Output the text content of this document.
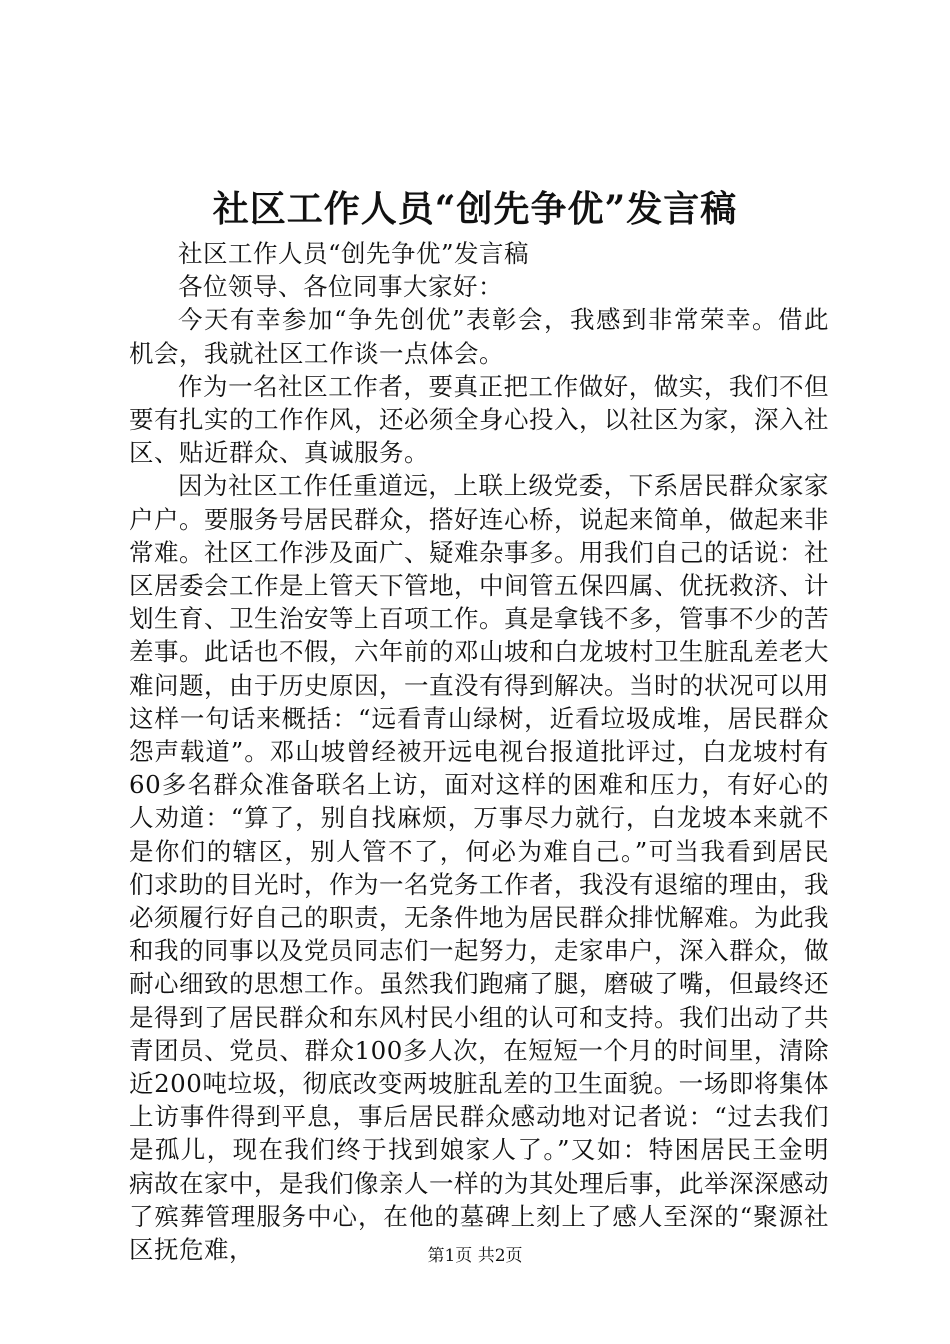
社区工作人员“创先争优”发言稿

社区工作人员“创先争优”发言稿

各位领导、各位同事大家好：

今天有幸参加“争先创优”表彰会，我感到非常荣幸。借此机会，我就社区工作谈一点体会。

作为一名社区工作者，要真正把工作做好，做实，我们不但要有扎实的工作作风，还必须全身心投入，以社区为家，深入社区、贴近群众、真诚服务。

因为社区工作任重道远，上联上级党委，下系居民群众家家户户。要服务号居民群众，搭好连心桥，说起来简单，做起来非常难。社区工作涉及面广、疑难杂事多。用我们自己的话说：社区居委会工作是上管天下管地，中间管五保四属、优抚救济、计划生育、卫生治安等上百项工作。真是拿钱不多，管事不少的苦差事。此话也不假，六年前的邓山坡和白龙坡村卫生脏乱差老大难问题，由于历史原因，一直没有得到解决。当时的状况可以用这样一句话来概括：“远看青山绿树，近看垃圾成堆，居民群众怨声载道”。邓山坡曾经被开远电视台报道批评过，白龙坡村有60多名群众准备联名上访，面对这样的困难和压力，有好心的人劝道：“算了，别自找麻烦，万事尽力就行，白龙坡本来就不是你们的辖区，别人管不了，何必为难自己。”可当我看到居民们求助的目光时，作为一名党务工作者，我没有退缩的理由，我必须履行好自己的职责，无条件地为居民群众排忧解难。为此我和我的同事以及党员同志们一起努力，走家串户，深入群众，做耐心细致的思想工作。虽然我们跑痛了腿，磨破了嘴，但最终还是得到了居民群众和东风村民小组的认可和支持。我们出动了共青团员、党员、群众100多人次，在短短一个月的时间里，清除近200吨垃圾，彻底改变两坡脏乱差的卫生面貌。一场即将集体上访事件得到平息，事后居民群众感动地对记者说：“过去我们是孤儿，现在我们终于找到娘家人了。”又如：特困居民王金明病故在家中，是我们像亲人一样的为其处理后事，此举深深感动了殡葬管理服务中心，在他的墓碑上刻上了感人至深的“聚源社区抚危难，	第1页 共2页
